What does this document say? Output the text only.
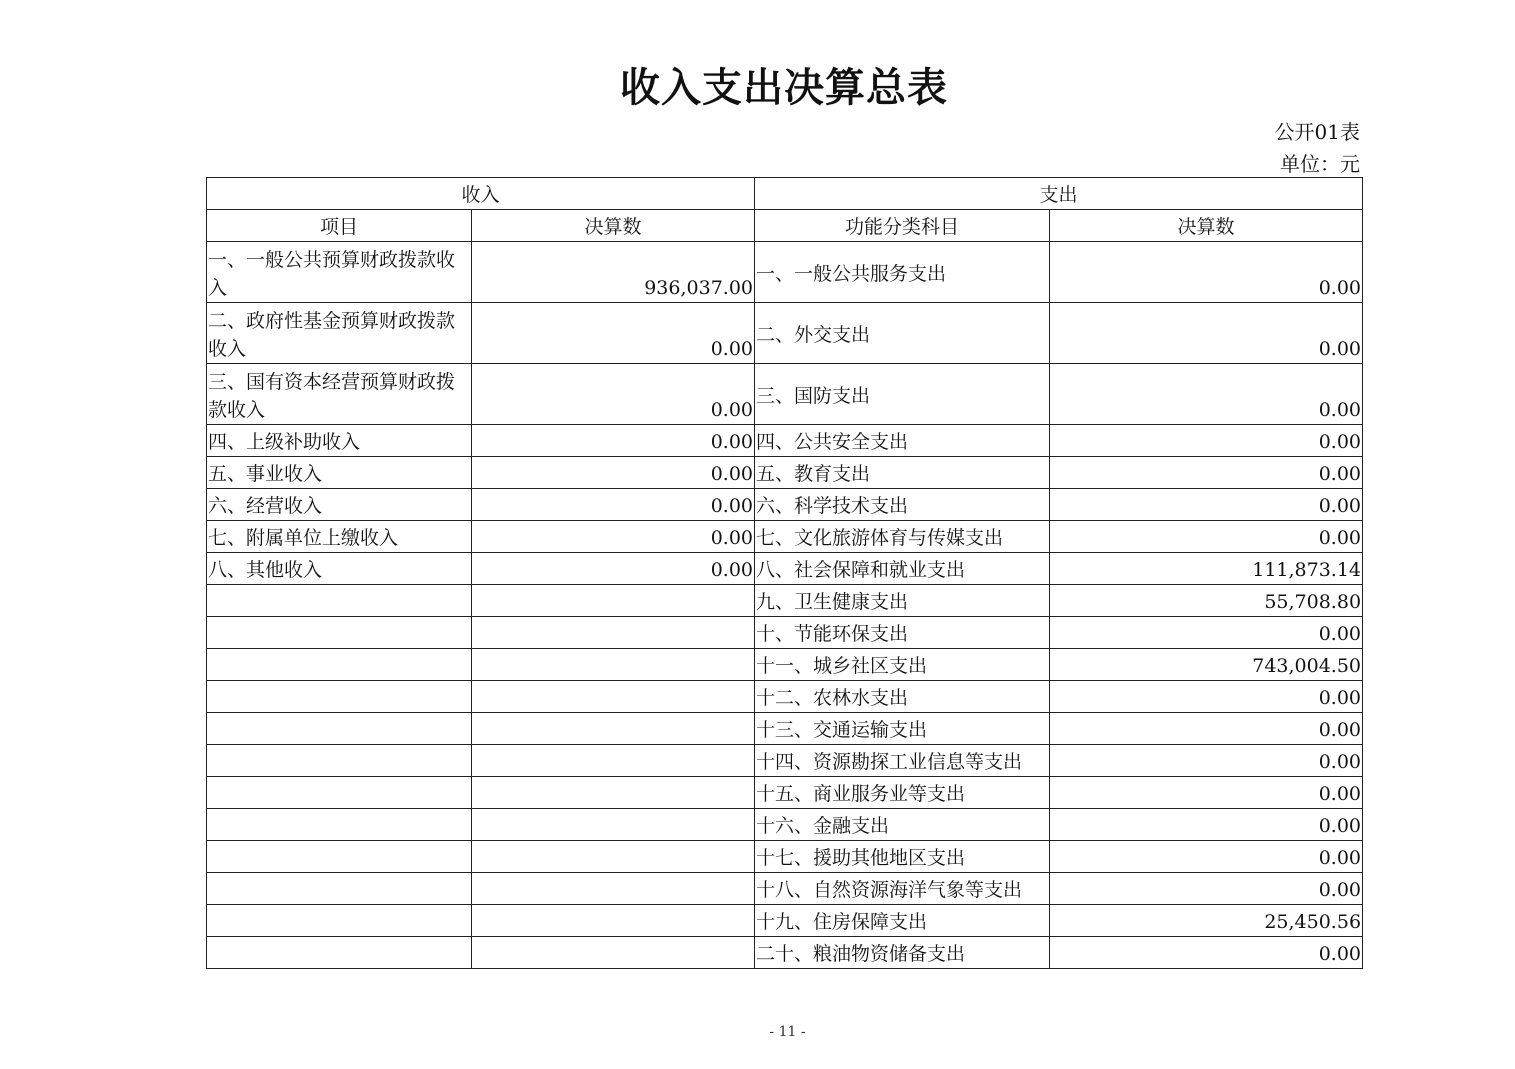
收入支出决算总表
公开01表
单位：元
收入		支出	
项目	决算数	功能分类科目	决算数
一、一般公共预算财政拨款收入	936,037.00	一、一般公共服务支出	0.00
二、政府性基金预算财政拨款收入	0.00	二、外交支出	0.00
三、国有资本经营预算财政拨款收入	0.00	三、国防支出	0.00
四、上级补助收入	0.00	四、公共安全支出	0.00
五、事业收入	0.00	五、教育支出	0.00
六、经营收入	0.00	六、科学技术支出	0.00
七、附属单位上缴收入	0.00	七、文化旅游体育与传媒支出	0.00
八、其他收入	0.00	八、社会保障和就业支出	111,873.14
		九、卫生健康支出	55,708.80
		十、节能环保支出	0.00
		十一、城乡社区支出	743,004.50
		十二、农林水支出	0.00
		十三、交通运输支出	0.00
		十四、资源勘探工业信息等支出	0.00
		十五、商业服务业等支出	0.00
		十六、金融支出	0.00
		十七、援助其他地区支出	0.00
		十八、自然资源海洋气象等支出	0.00
		十九、住房保障支出	25,450.56
		二十、粮油物资储备支出	0.00
- 11 -
